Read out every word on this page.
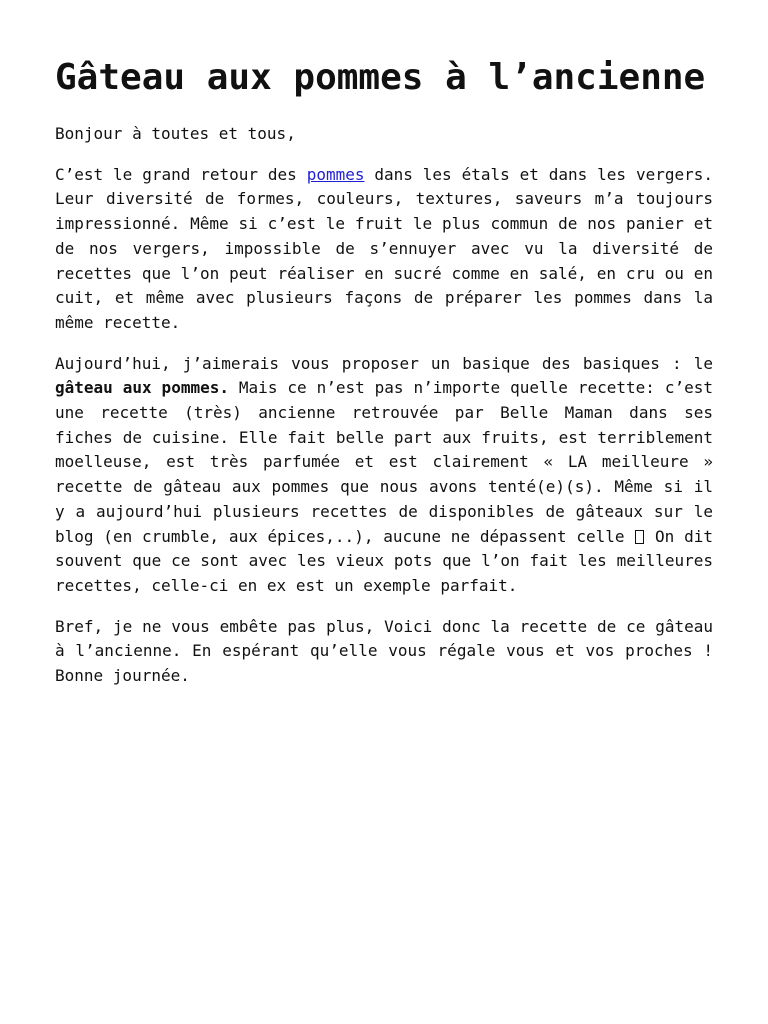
Gâteau aux pommes à l’ancienne

Bonjour à toutes et tous,

C’est le grand retour des pommes dans les étals et dans les vergers. Leur diversité de formes, couleurs, textures, saveurs m’a toujours impressionné. Même si c’est le fruit le plus commun de nos panier et de nos vergers, impossible de s’ennuyer avec vu la diversité de recettes que l’on peut réaliser en sucré comme en salé, en cru ou en cuit, et même avec plusieurs façons de préparer les pommes dans la même recette.

Aujourd’hui, j’aimerais vous proposer un basique des basiques : le gâteau aux pommes. Mais ce n’est pas n’importe quelle recette: c’est une recette (très) ancienne retrouvée par Belle Maman dans ses fiches de cuisine. Elle fait belle part aux fruits, est terriblement moelleuse, est très parfumée et est clairement « LA meilleure » recette de gâteau aux pommes que nous avons tenté(e)(s). Même si il y a aujourd’hui plusieurs recettes de disponibles de gâteaux sur le blog (en crumble, aux épices,..), aucune ne dépassent celle  On dit souvent que ce sont avec les vieux pots que l’on fait les meilleures recettes, celle-ci en ex est un exemple parfait.

Bref, je ne vous embête pas plus, Voici donc la recette de ce gâteau à l’ancienne. En espérant qu’elle vous régale vous et vos proches ! Bonne journée.
